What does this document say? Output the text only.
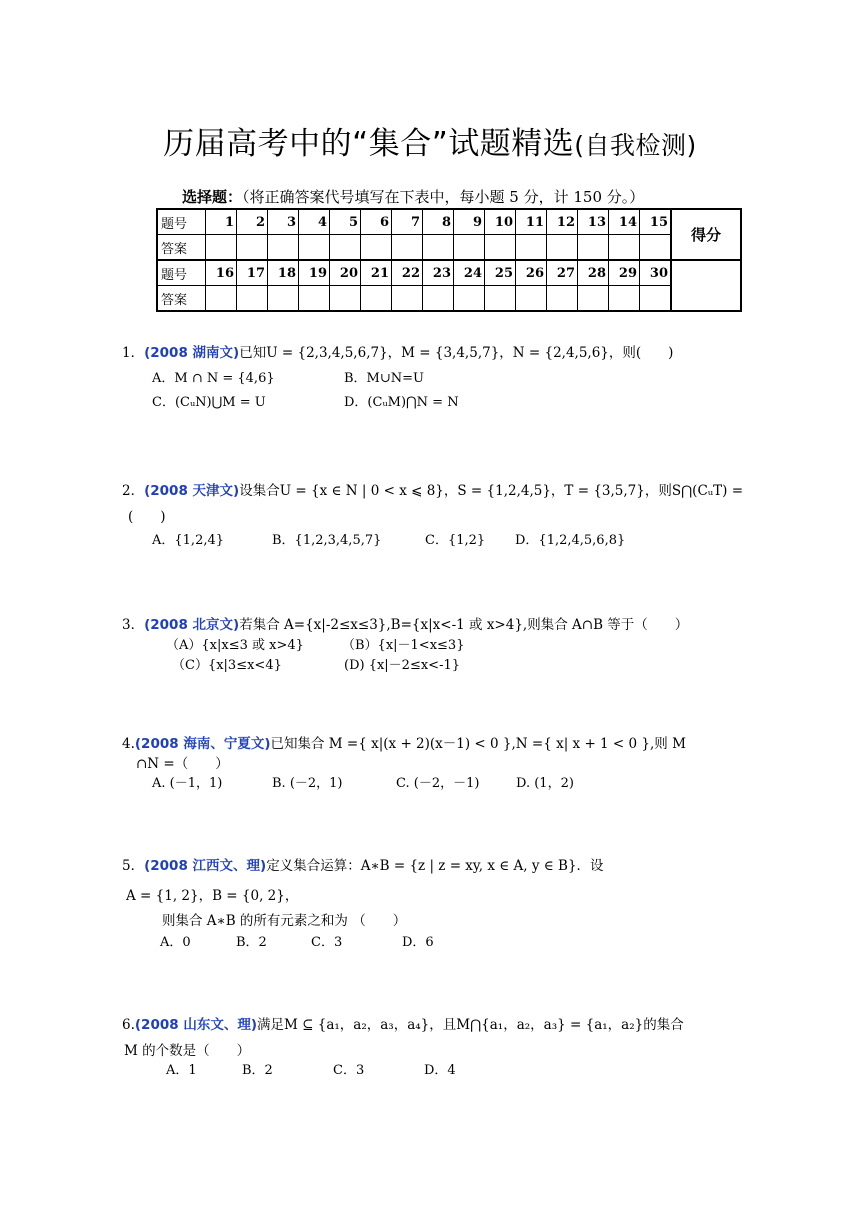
历届高考中的“集合”试题精选(自我检测)
选择题：（将正确答案代号填写在下表中，每小题 5 分，计 150 分。）
题号	1	2	3	4	5	6	7	8	9	10	11	12	13	14	15	得分
答案																
题号	16	17	18	19	20	21	22	23	24	25	26	27	28	29	30	
答案																
1．(2008 湖南文)已知U = {2,3,4,5,6,7}，M = {3,4,5,7}，N = {2,4,5,6}，则(　　)
A．M ∩ N = {4,6}	B．M∪N=U
C．(CᵤN)⋃M = U	D．(CᵤM)⋂N = N
2．(2008 天津文)设集合U = {x ∈ N | 0 < x ⩽ 8}，S = {1,2,4,5}，T = {3,5,7}，则S⋂(CᵤT) =
(　　)
A．{1,2,4}	B．{1,2,3,4,5,7}	C．{1,2} D．{1,2,4,5,6,8}
3．(2008 北京文)若集合 A={x|-2≤x≤3},B={x|x<-1 或 x>4},则集合 A∩B 等于（　　）
（A）{x|x≤3 或 x>4}	（B）{x|－1<x≤3}
（C）{x|3≤x<4}	(D) {x|－2≤x<-1}
4.(2008 海南、宁夏文)已知集合 M ={ x|(x + 2)(x－1) < 0 },N ={ x| x + 1 < 0 },则 M
∩N =（　　）
A. (－1，1)	B. (－2，1)	C. (－2，－1)	D. (1，2)
5．(2008 江西文、理)定义集合运算：A∗B = {z | z = xy, x ∈ A, y ∈ B}．设
A = {1, 2}，B = {0, 2}，
则集合 A∗B 的所有元素之和为 （　　）
A．0	B．2	C．3	D．6
6.(2008 山东文、理)满足M ⊆ {a₁，a₂，a₃，a₄}，且M⋂{a₁，a₂，a₃} = {a₁，a₂}的集合
M 的个数是（　　）
A．1	B．2	C．3	D．4
